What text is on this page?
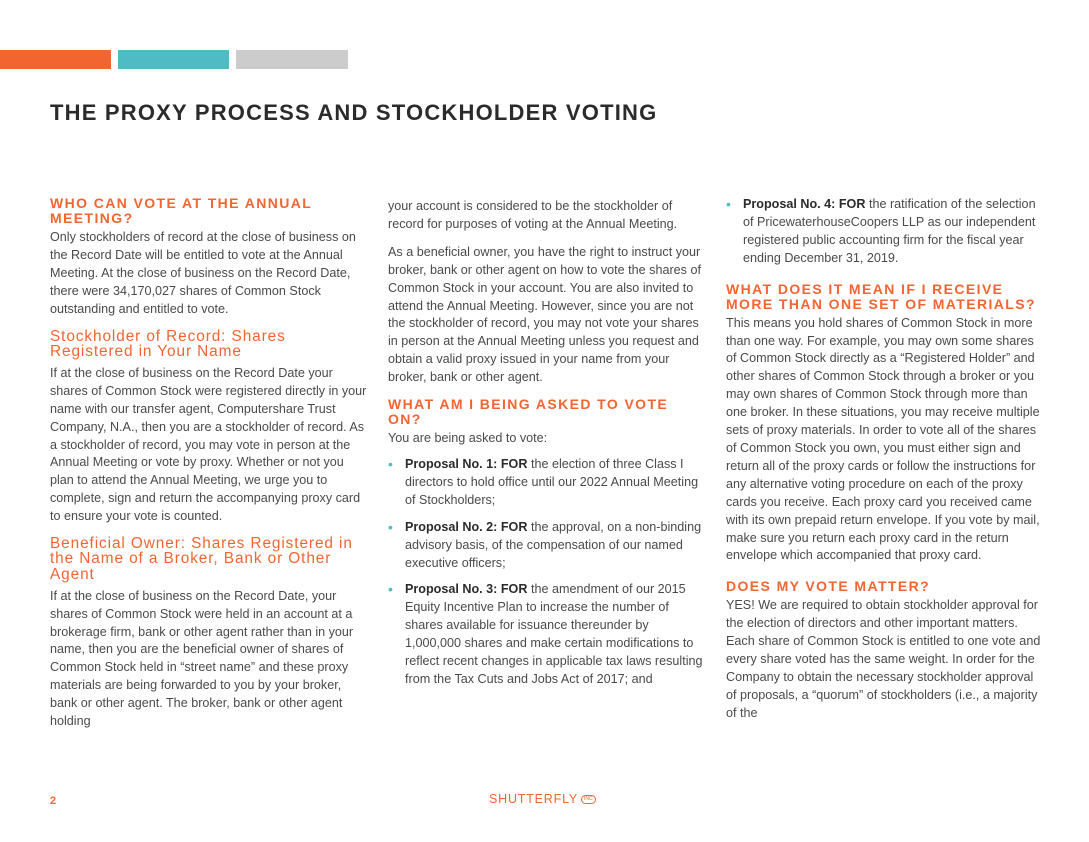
THE PROXY PROCESS AND STOCKHOLDER VOTING
WHO CAN VOTE AT THE ANNUAL MEETING?

Only stockholders of record at the close of business on the Record Date will be entitled to vote at the Annual Meeting. At the close of business on the Record Date, there were 34,170,027 shares of Common Stock outstanding and entitled to vote.

Stockholder of Record: Shares Registered in Your Name

If at the close of business on the Record Date your shares of Common Stock were registered directly in your name with our transfer agent, Computershare Trust Company, N.A., then you are a stockholder of record. As a stockholder of record, you may vote in person at the Annual Meeting or vote by proxy. Whether or not you plan to attend the Annual Meeting, we urge you to complete, sign and return the accompanying proxy card to ensure your vote is counted.

Beneficial Owner: Shares Registered in the Name of a Broker, Bank or Other Agent

If at the close of business on the Record Date, your shares of Common Stock were held in an account at a brokerage firm, bank or other agent rather than in your name, then you are the beneficial owner of shares of Common Stock held in “street name” and these proxy materials are being forwarded to you by your broker, bank or other agent. The broker, bank or other agent holding

your account is considered to be the stockholder of record for purposes of voting at the Annual Meeting.

As a beneficial owner, you have the right to instruct your broker, bank or other agent on how to vote the shares of Common Stock in your account. You are also invited to attend the Annual Meeting. However, since you are not the stockholder of record, you may not vote your shares in person at the Annual Meeting unless you request and obtain a valid proxy issued in your name from your broker, bank or other agent.

WHAT AM I BEING ASKED TO VOTE ON?

You are being asked to vote:

• Proposal No. 1: FOR the election of three Class I directors to hold office until our 2022 Annual Meeting of Stockholders;
• Proposal No. 2: FOR the approval, on a non-binding advisory basis, of the compensation of our named executive officers;
• Proposal No. 3: FOR the amendment of our 2015 Equity Incentive Plan to increase the number of shares available for issuance thereunder by 1,000,000 shares and make certain modifications to reflect recent changes in applicable tax laws resulting from the Tax Cuts and Jobs Act of 2017; and
• Proposal No. 4: FOR the ratification of the selection of PricewaterhouseCoopers LLP as our independent registered public accounting firm for the fiscal year ending December 31, 2019.
WHAT DOES IT MEAN IF I RECEIVE MORE THAN ONE SET OF MATERIALS?

This means you hold shares of Common Stock in more than one way. For example, you may own some shares of Common Stock directly as a “Registered Holder” and other shares of Common Stock through a broker or you may own shares of Common Stock through more than one broker. In these situations, you may receive multiple sets of proxy materials. In order to vote all of the shares of Common Stock you own, you must either sign and return all of the proxy cards or follow the instructions for any alternative voting procedure on each of the proxy cards you receive. Each proxy card you received came with its own prepaid return envelope. If you vote by mail, make sure you return each proxy card in the return envelope which accompanied that proxy card.

DOES MY VOTE MATTER?

YES! We are required to obtain stockholder approval for the election of directors and other important matters. Each share of Common Stock is entitled to one vote and every share voted has the same weight. In order for the Company to obtain the necessary stockholder approval of proposals, a “quorum” of stockholders (i.e., a majority of the

2	SHUTTERFLY	INC
